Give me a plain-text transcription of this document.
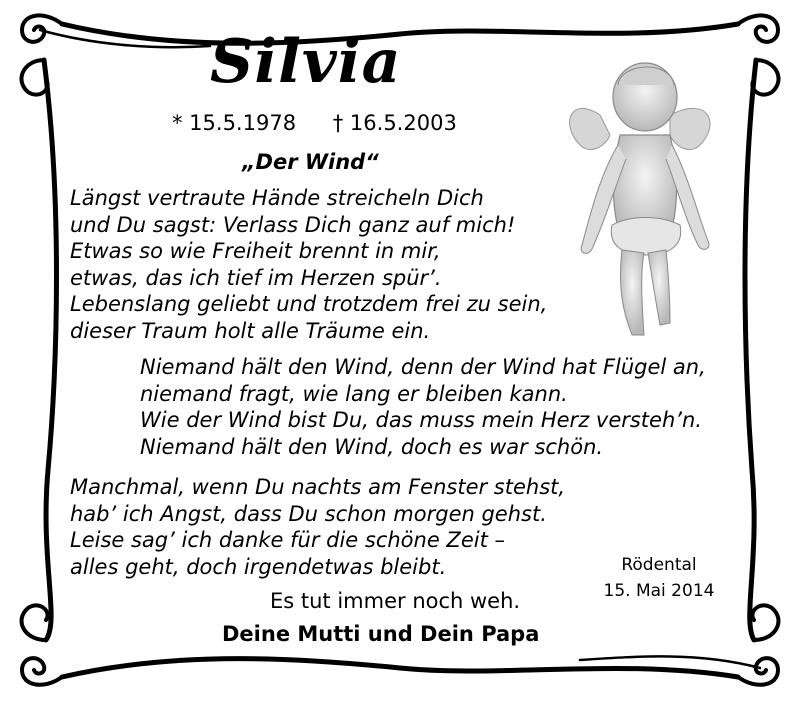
Silvia
* 15.5.1978 † 16.5.2003
„Der Wind“
Längst vertraute Hände streicheln Dich
und Du sagst: Verlass Dich ganz auf mich!
Etwas so wie Freiheit brennt in mir,
etwas, das ich tief im Herzen spür’.
Lebenslang geliebt und trotzdem frei zu sein,
dieser Traum holt alle Träume ein.
Niemand hält den Wind, denn der Wind hat Flügel an,
niemand fragt, wie lang er bleiben kann.
Wie der Wind bist Du, das muss mein Herz versteh’n.
Niemand hält den Wind, doch es war schön.
Manchmal, wenn Du nachts am Fenster stehst,
hab’ ich Angst, dass Du schon morgen gehst.
Leise sag’ ich danke für die schöne Zeit –
alles geht, doch irgendetwas bleibt.	Rödental
15. Mai 2014
Es tut immer noch weh.
Deine Mutti und Dein Papa
